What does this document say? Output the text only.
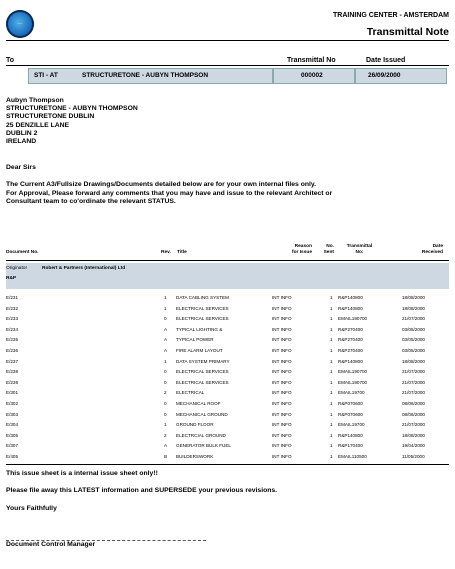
~~
TRAINING CENTER - AMSTERDAM
Transmittal Note
To	Transmittal No	Date Issued
STI - AT	STRUCTURETONE - AUBYN THOMPSON	000002	26/09/2000
Aubyn Thompson
STRUCTURETONE - AUBYN THOMPSON
STRUCTURETONE DUBLIN
25 DENZILLE LANE
DUBLIN 2
IRELAND
Dear Sirs
The Current A3/Fullsize Drawings/Documents detailed below are for your own internal files only.
For Approval, Please forward any comments that you may have and issue to the relevant Architect or
Consultant team to co'ordinate the relevant STATUS.
Document No.	Rev. Title
Reason
for Issue
No.
Sent
Transmittal
No:
Date
Received
Originator	Robert & Partners (International) Ltd
R&P
E/231	1 DATA CABLING SYSTEM	INT INFO	1 R&P140800	18/08/2000
E/232	1 ELECTRICAL SERVICES	INT INFO	1 R&P140800	18/08/2000
E/233	0 ELECTRICAL SERVICES	INT INFO	1 EMAIL190700	21/07/2000
E/234	A TYPICAL LIGHTING &	INT INFO	1 R&P270400	03/05/2000
E/235	A TYPICAL POWER	INT INFO	1 R&P270400	03/05/2000
E/236	A FIRE ALARM LAYOUT	INT INFO	1 R&P270400	03/05/2000
E/237	1 DATA SYSTEM PRIMARY	INT INFO	1 R&P140800	18/08/2000
E/238	0 ELECTRICAL SERVICES	INT INFO	1 EMAIL190700	21/07/2000
E/239	0 ELECTRICAL SERVICES	INT INFO	1 EMAIL190700	21/07/2000
E/301	2 ELECTRICAL	INT INFO	1 EMAIL19700	21/07/2000
E/302	0 MECHANICAL ROOF	INT INFO	1 R&P070600	08/06/2000
E/303	0 MECHANICAL GROUND	INT INFO	1 R&P070600	08/06/2000
E/304	1 GROUND FLOOR	INT INFO	1 EMAIL19700	21/07/2000
E/305	2 ELECTRCIAL GROUND	INT INFO	1 R&P140800	18/08/2000
E/307	A GENERATOR BULK FUEL	INT INFO	1 R&P170400	19/04/2000
E/405	B BUILDERSWORK	INT INFO	1 EMAIL110500	11/05/2000
This issue sheet is a internal issue sheet only!!
Please file away this LATEST information and SUPERSEDE your previous revisions.
Yours Faithfully
Document Control Manager
